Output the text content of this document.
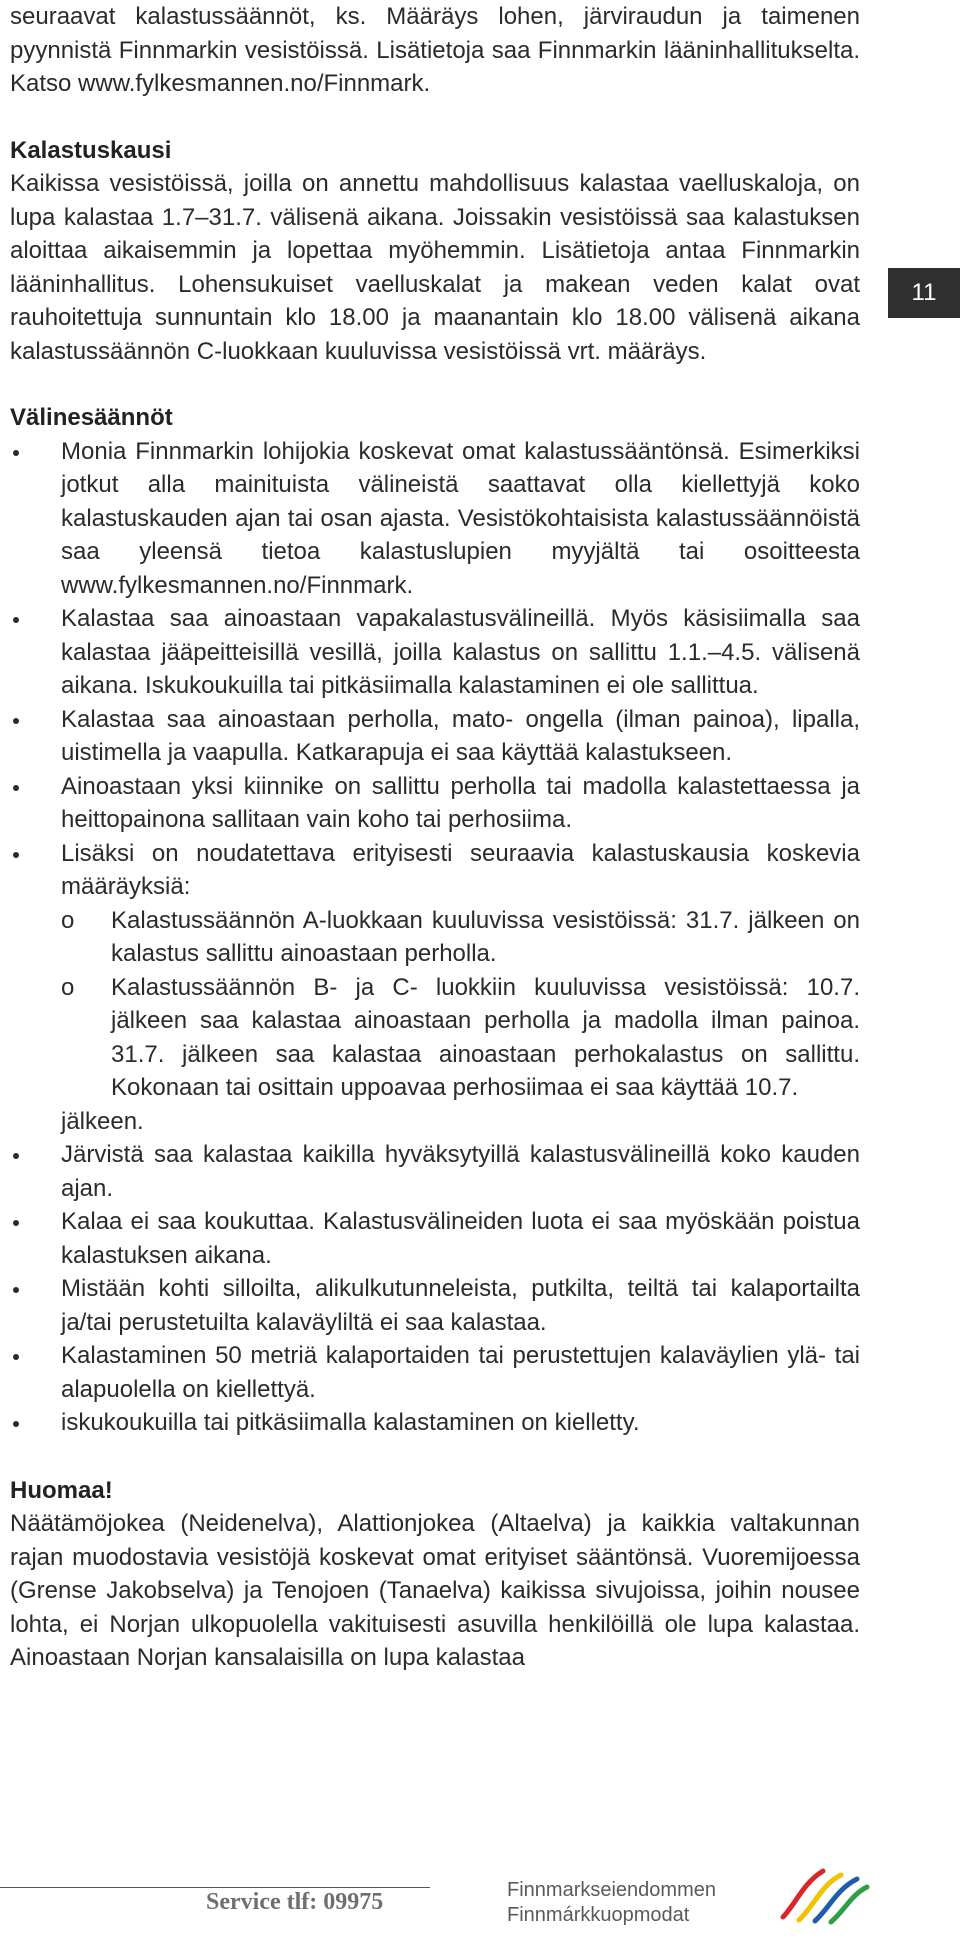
seuraavat kalastussäännöt, ks. Määräys lohen, järviraudun ja taimenen pyynnistä Finnmarkin vesistöissä. Lisätietoja saa Finnmarkin lääninhallitukselta. Katso www.fylkesmannen.no/Finnmark.

Kalastuskausi

Kaikissa vesistöissä, joilla on annettu mahdollisuus kalastaa vaelluskaloja, on lupa kalastaa 1.7–31.7. välisenä aikana. Joissakin vesistöissä saa kalastuksen aloittaa aikaisemmin ja lopettaa myöhemmin. Lisätietoja antaa Finnmarkin lääninhallitus. Lohensukuiset vaelluskalat ja makean veden kalat ovat rauhoitettuja sunnuntain klo 18.00 ja maanantain klo 18.00 välisenä aikana kalastussäännön C-luokkaan kuuluvissa vesistöissä vrt. määräys.

Välinesäännöt

Monia Finnmarkin lohijokia koskevat omat kalastussääntönsä. Esimerkiksi jotkut alla mainituista välineistä saattavat olla kiellettyjä koko kalastuskauden ajan tai osan ajasta. Vesistökohtaisista kalastussäännöistä saa yleensä tietoa kalastuslupien myyjältä tai osoitteesta www.fylkesmannen.no/Finnmark.
Kalastaa saa ainoastaan vapakalastusvälineillä. Myös käsisiimalla saa kalastaa jääpeitteisillä vesillä, joilla kalastus on sallittu 1.1.–4.5. välisenä aikana. Iskukoukuilla tai pitkäsiimalla kalastaminen ei ole sallittua.
Kalastaa saa ainoastaan perholla, mato- ongella (ilman painoa), lipalla, uistimella ja vaapulla. Katkarapuja ei saa käyttää kalastukseen.
Ainoastaan yksi kiinnike on sallittu perholla tai madolla kalastettaessa ja heittopainona sallitaan vain koho tai perhosiima.
Lisäksi on noudatettava erityisesti seuraavia kalastuskausia koskevia määräyksiä:
o Kalastussäännön A-luokkaan kuuluvissa vesistöissä: 31.7. jälkeen on kalastus sallittu ainoastaan perholla.
o Kalastussäännön B- ja C- luokkiin kuuluvissa vesistöissä: 10.7. jälkeen saa kalastaa ainoastaan perholla ja madolla ilman painoa. 31.7. jälkeen saa kalastaa ainoastaan perhokalastus on sallittu. Kokonaan tai osittain uppoavaa perhosiimaa ei saa käyttää 10.7.
jälkeen.
Järvistä saa kalastaa kaikilla hyväksytyillä kalastusvälineillä koko kauden ajan.
Kalaa ei saa koukuttaa. Kalastusvälineiden luota ei saa myöskään poistua kalastuksen aikana.
Mistään kohti silloilta, alikulkutunneleista, putkilta, teiltä tai kalaportailta ja/tai perustetuilta kalaväyliltä ei saa kalastaa.
Kalastaminen 50 metriä kalaportaiden tai perustettujen kalaväylien ylä- tai alapuolella on kiellettyä.
iskukoukuilla tai pitkäsiimalla kalastaminen on kielletty.

Huomaa!

Näätämöjokea (Neidenelva), Alattionjokea (Altaelva) ja kaikkia valtakunnan rajan muodostavia vesistöjä koskevat omat erityiset sääntönsä. Vuoremijoessa (Grense Jakobselva) ja Tenojoen (Tanaelva) kaikissa sivujoissa, joihin nousee lohta, ei Norjan ulkopuolella vakituisesti asuvilla henkilöillä ole lupa kalastaa. Ainoastaan Norjan kansalaisilla on lupa kalastaa

11
Service tlf: 09975	Finnmarkseiendommen
Finnmárkkuopmodat
